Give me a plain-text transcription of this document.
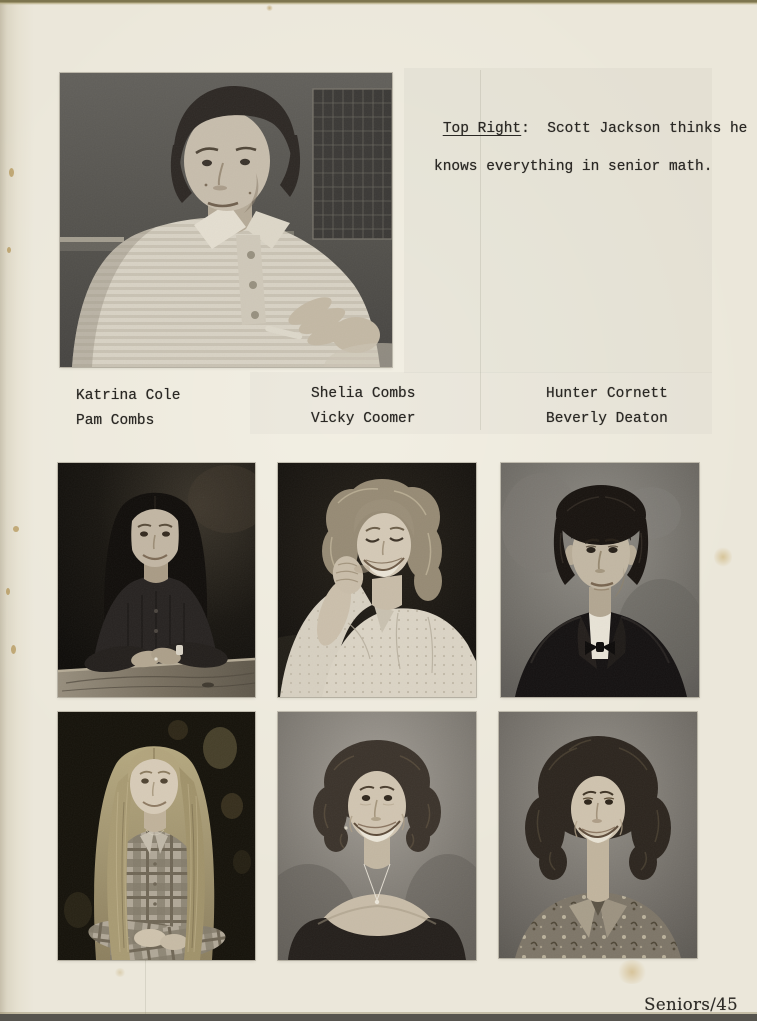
Top Right:  Scott Jackson thinks he

knows everything in senior math.

Katrina Cole
Pam Combs
Shelia Combs
Vicky Coomer
Hunter Cornett
Beverly Deaton
Seniors/45
